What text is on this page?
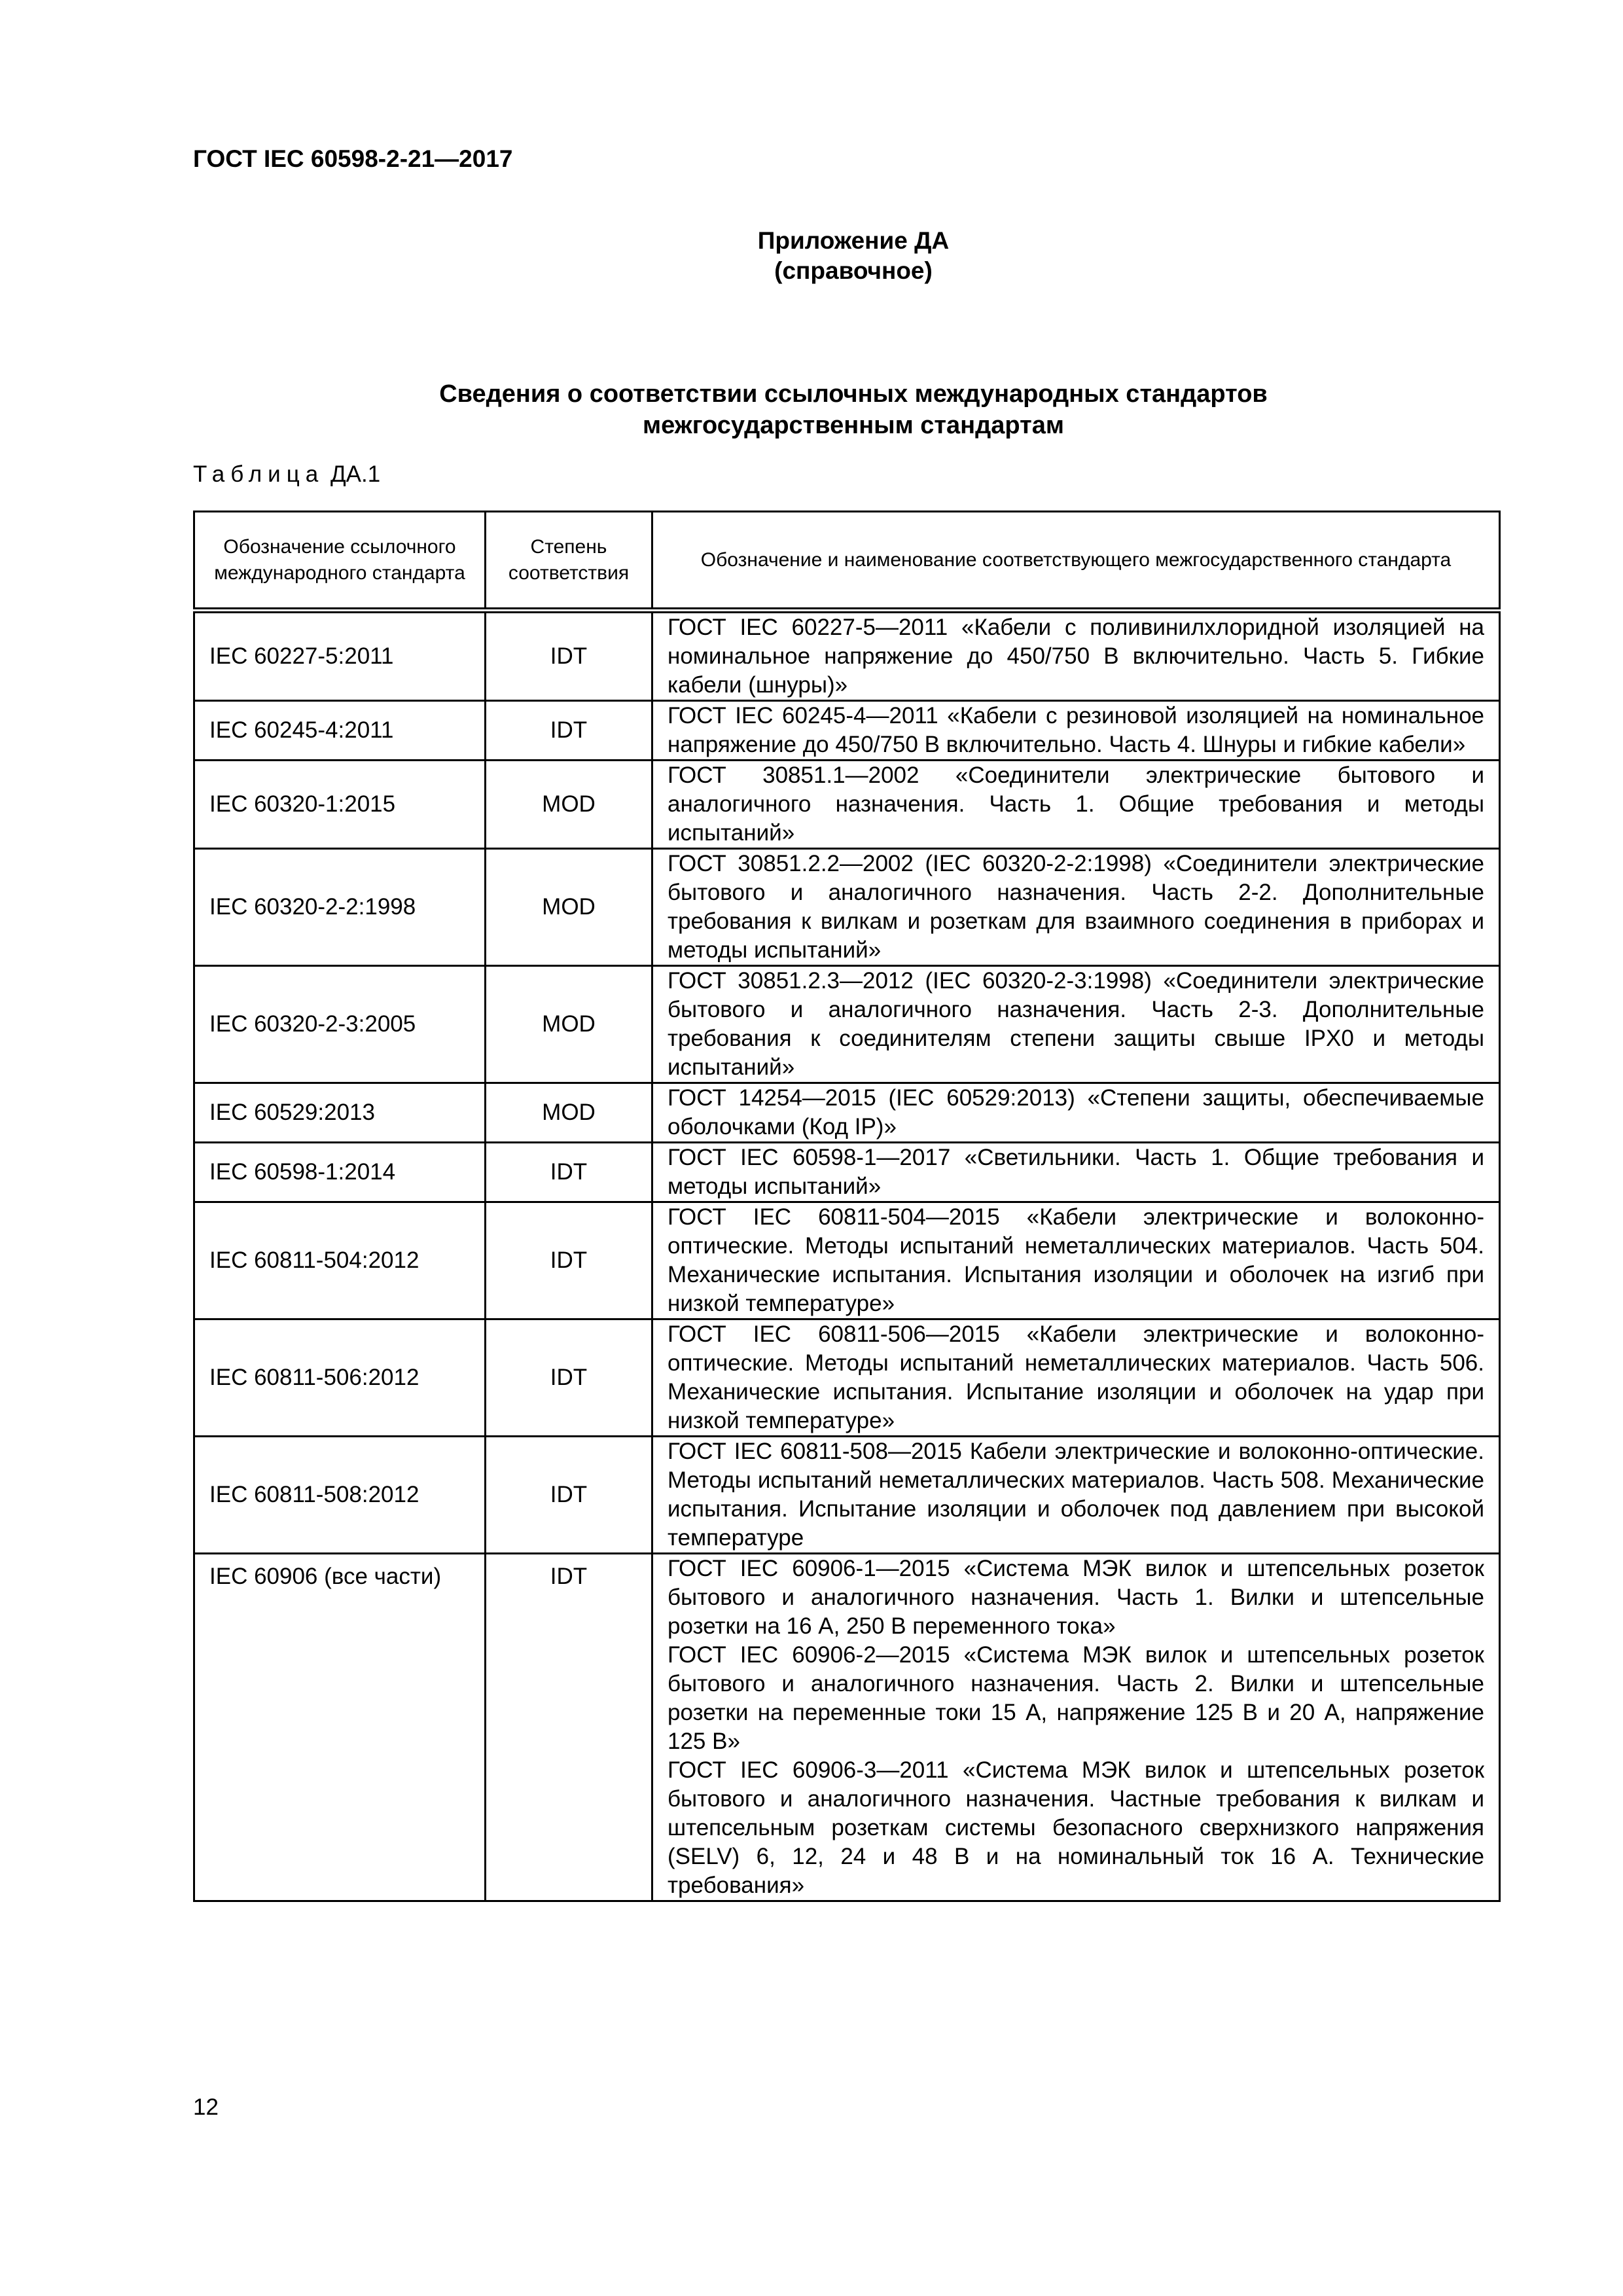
ГОСТ IEC 60598-2-21—2017
Приложение ДА
(справочное)
Сведения о соответствии ссылочных международных стандартов
межгосударственным стандартам
Таблица ДА.1
Обозначение ссылочного международного стандарта	Степень соответствия	Обозначение и наименование соответствующего межгосударственного стандарта
IEC 60227-5:2011	IDT	ГОСТ IEC 60227-5—2011 «Кабели с поливинилхлоридной изоляцией на номинальное напряжение до 450/750 В включительно. Часть 5. Гибкие кабели (шнуры)»

IEC 60245-4:2011	IDT	ГОСТ IEC 60245-4—2011 «Кабели с резиновой изоляцией на номинальное напряжение до 450/750 В включительно. Часть 4. Шнуры и гибкие кабели»

IEC 60320-1:2015	MOD	ГОСТ 30851.1—2002 «Соединители электрические бытового и аналогичного назначения. Часть 1. Общие требования и методы испытаний»

IEC 60320-2-2:1998	MOD	ГОСТ 30851.2.2—2002 (IEC 60320-2-2:1998) «Соединители электрические бытового и аналогичного назначения. Часть 2-2. Дополнительные требования к вилкам и розеткам для взаимного соединения в приборах и методы испытаний»

IEC 60320-2-3:2005	MOD	ГОСТ 30851.2.3—2012 (IEC 60320-2-3:1998) «Соединители электрические бытового и аналогичного назначения. Часть 2-3. Дополнительные требования к соединителям степени защиты свыше IPX0 и методы испытаний»

IEC 60529:2013	MOD	ГОСТ 14254—2015 (IEC 60529:2013) «Степени защиты, обеспечиваемые оболочками (Код IP)»

IEC 60598-1:2014	IDT	ГОСТ IEC 60598-1—2017 «Светильники. Часть 1. Общие требования и методы испытаний»

IEC 60811-504:2012	IDT	ГОСТ IEC 60811-504—2015 «Кабели электрические и волоконно-оптические. Методы испытаний неметаллических материалов. Часть 504. Механические испытания. Испытания изоляции и оболочек на изгиб при низкой температуре»

IEC 60811-506:2012	IDT	ГОСТ IEC 60811-506—2015 «Кабели электрические и волоконно-оптические. Методы испытаний неметаллических материалов. Часть 506. Механические испытания. Испытание изоляции и оболочек на удар при низкой температуре»

IEC 60811-508:2012	IDT	ГОСТ IEC 60811-508—2015 Кабели электрические и волоконно-оптические. Методы испытаний неметаллических материалов. Часть 508. Механические испытания. Испытание изоляции и оболочек под давлением при высокой температуре

IEC 60906 (все части)	IDT	ГОСТ IEC 60906-1—2015 «Система МЭК вилок и штепсельных розеток бытового и аналогичного назначения. Часть 1. Вилки и штепсельные розетки на 16 А, 250 В переменного тока»
ГОСТ IEC 60906-2—2015 «Система МЭК вилок и штепсельных розеток бытового и аналогичного назначения. Часть 2. Вилки и штепсельные розетки на переменные токи 15 А, напряжение 125 В и 20 А, напряжение 125 В»
ГОСТ IEC 60906-3—2011 «Система МЭК вилок и штепсельных розеток бытового и аналогичного назначения. Частные требования к вилкам и штепсельным розеткам системы безопасного сверхнизкого напряжения (SELV) 6, 12, 24 и 48 В и на номинальный ток 16 А. Технические требования»
12
